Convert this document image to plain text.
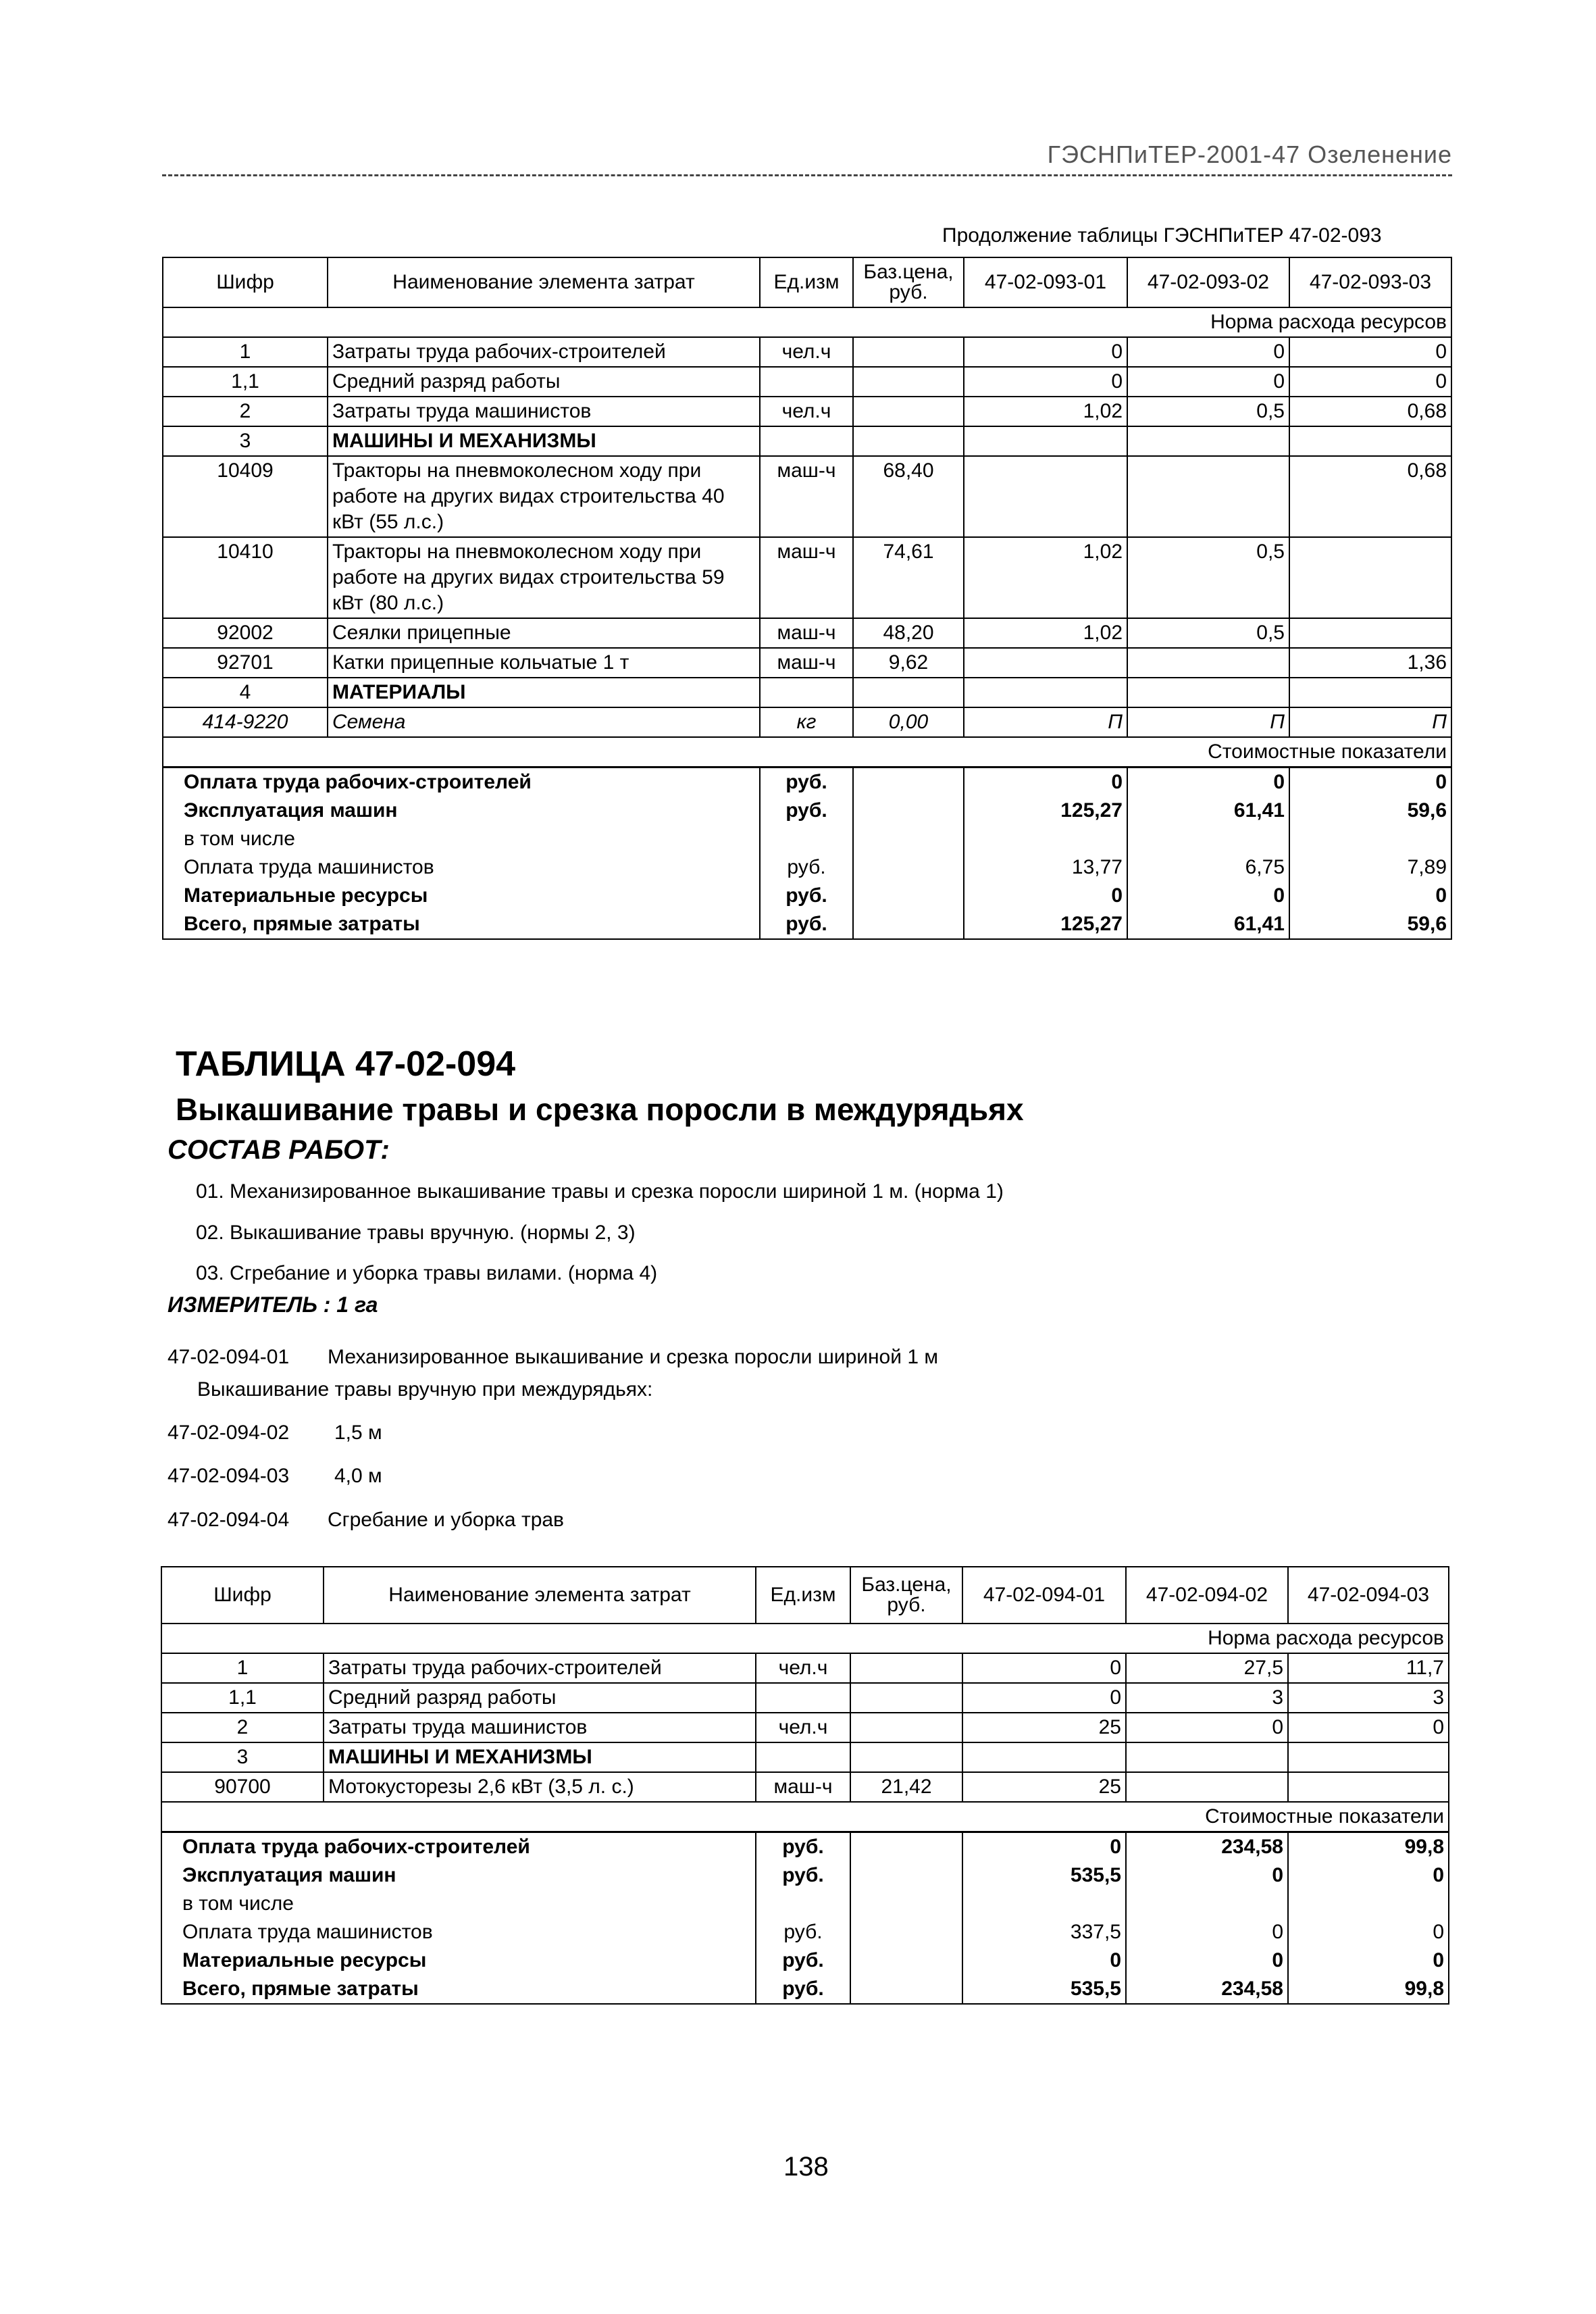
ГЭСНПиТЕР-2001-47 Озеленение
Продолжение таблицы ГЭСНПиТЕР 47-02-093
Шифр	Наименование элемента затрат	Ед.изм	Баз.цена, руб.	47-02-093-01	47-02-093-02	47-02-093-03
Норма расхода ресурсов						
1	Затраты труда рабочих-строителей	чел.ч		0	0	0
1,1	Средний разряд работы			0	0	0
2	Затраты труда машинистов	чел.ч		1,02	0,5	0,68
3	МАШИНЫ И МЕХАНИЗМЫ					
10409	Тракторы на пневмоколесном ходу при работе на других видах строительства 40 кВт (55 л.с.)	маш-ч	68,40			0,68
10410	Тракторы на пневмоколесном ходу при работе на других видах строительства 59 кВт (80 л.с.)	маш-ч	74,61	1,02	0,5	
92002	Сеялки прицепные	маш-ч	48,20	1,02	0,5	
92701	Катки прицепные кольчатые 1 т	маш-ч	9,62			1,36
4	МАТЕРИАЛЫ					
414-9220	Семена	кг	0,00	П	П	П
Стоимостные показатели						
Оплата труда рабочих-строителей		руб.		0	0	0
Эксплуатация машин		руб.		125,27	61,41	59,6
в том числе						
Оплата труда машинистов		руб.		13,77	6,75	7,89
Материальные ресурсы		руб.		0	0	0
Всего, прямые затраты		руб.		125,27	61,41	59,6
ТАБЛИЦА 47-02-094
Выкашивание травы и срезка поросли в междурядьях
СОСТАВ РАБОТ:
01. Механизированное выкашивание травы и срезка поросли шириной 1 м. (норма 1)
02. Выкашивание травы вручную. (нормы 2, 3)
03. Сгребание и уборка травы вилами. (норма 4)
ИЗМЕРИТЕЛЬ : 1 га
47-02-094-01 Механизированное выкашивание и срезка поросли шириной 1 м
Выкашивание травы вручную при междурядьях:
47-02-094-02 1,5 м
47-02-094-03 4,0 м
47-02-094-04 Сгребание и уборка трав
Шифр	Наименование элемента затрат	Ед.изм	Баз.цена, руб.	47-02-094-01	47-02-094-02	47-02-094-03
Норма расхода ресурсов						
1	Затраты труда рабочих-строителей	чел.ч		0	27,5	11,7
1,1	Средний разряд работы			0	3	3
2	Затраты труда машинистов	чел.ч		25	0	0
3	МАШИНЫ И МЕХАНИЗМЫ					
90700	Мотокусторезы 2,6 кВт (3,5 л. с.)	маш-ч	21,42	25		
Стоимостные показатели						
Оплата труда рабочих-строителей		руб.		0	234,58	99,8
Эксплуатация машин		руб.		535,5	0	0
в том числе						
Оплата труда машинистов		руб.		337,5	0	0
Материальные ресурсы		руб.		0	0	0
Всего, прямые затраты		руб.		535,5	234,58	99,8
138
